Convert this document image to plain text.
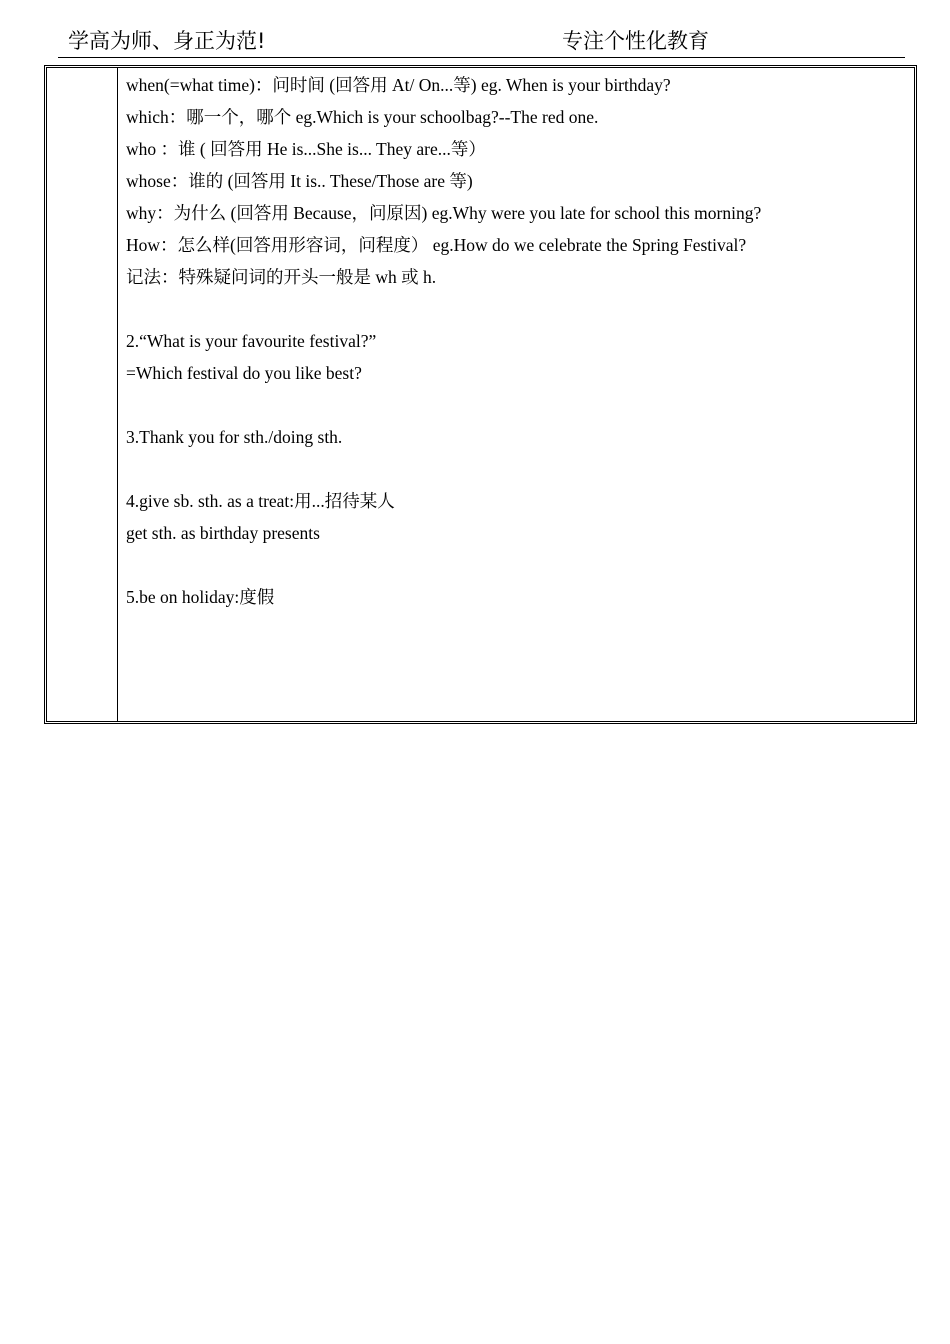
学高为师、身正为范!	专注个性化教育
when(=what time)：问时间 (回答用 At/ On...等) eg. When is your birthday?
which：哪一个，哪个 eg.Which is your schoolbag?--The red one.
who ：谁 ( 回答用 He is...She is... They are...等）
whose：谁的 (回答用 It is.. These/Those are 等)
why：为什么 (回答用 Because，问原因) eg.Why were you late for school this morning?
How：怎么样(回答用形容词，问程度） eg.How do we celebrate the Spring Festival?
记法：特殊疑问词的开头一般是 wh 或 h.
2.“What is your favourite festival?”
=Which festival do you like best?
3.Thank you for sth./doing sth.
4.give sb. sth. as a treat:用...招待某人
get sth. as birthday presents
5.be on holiday:度假
